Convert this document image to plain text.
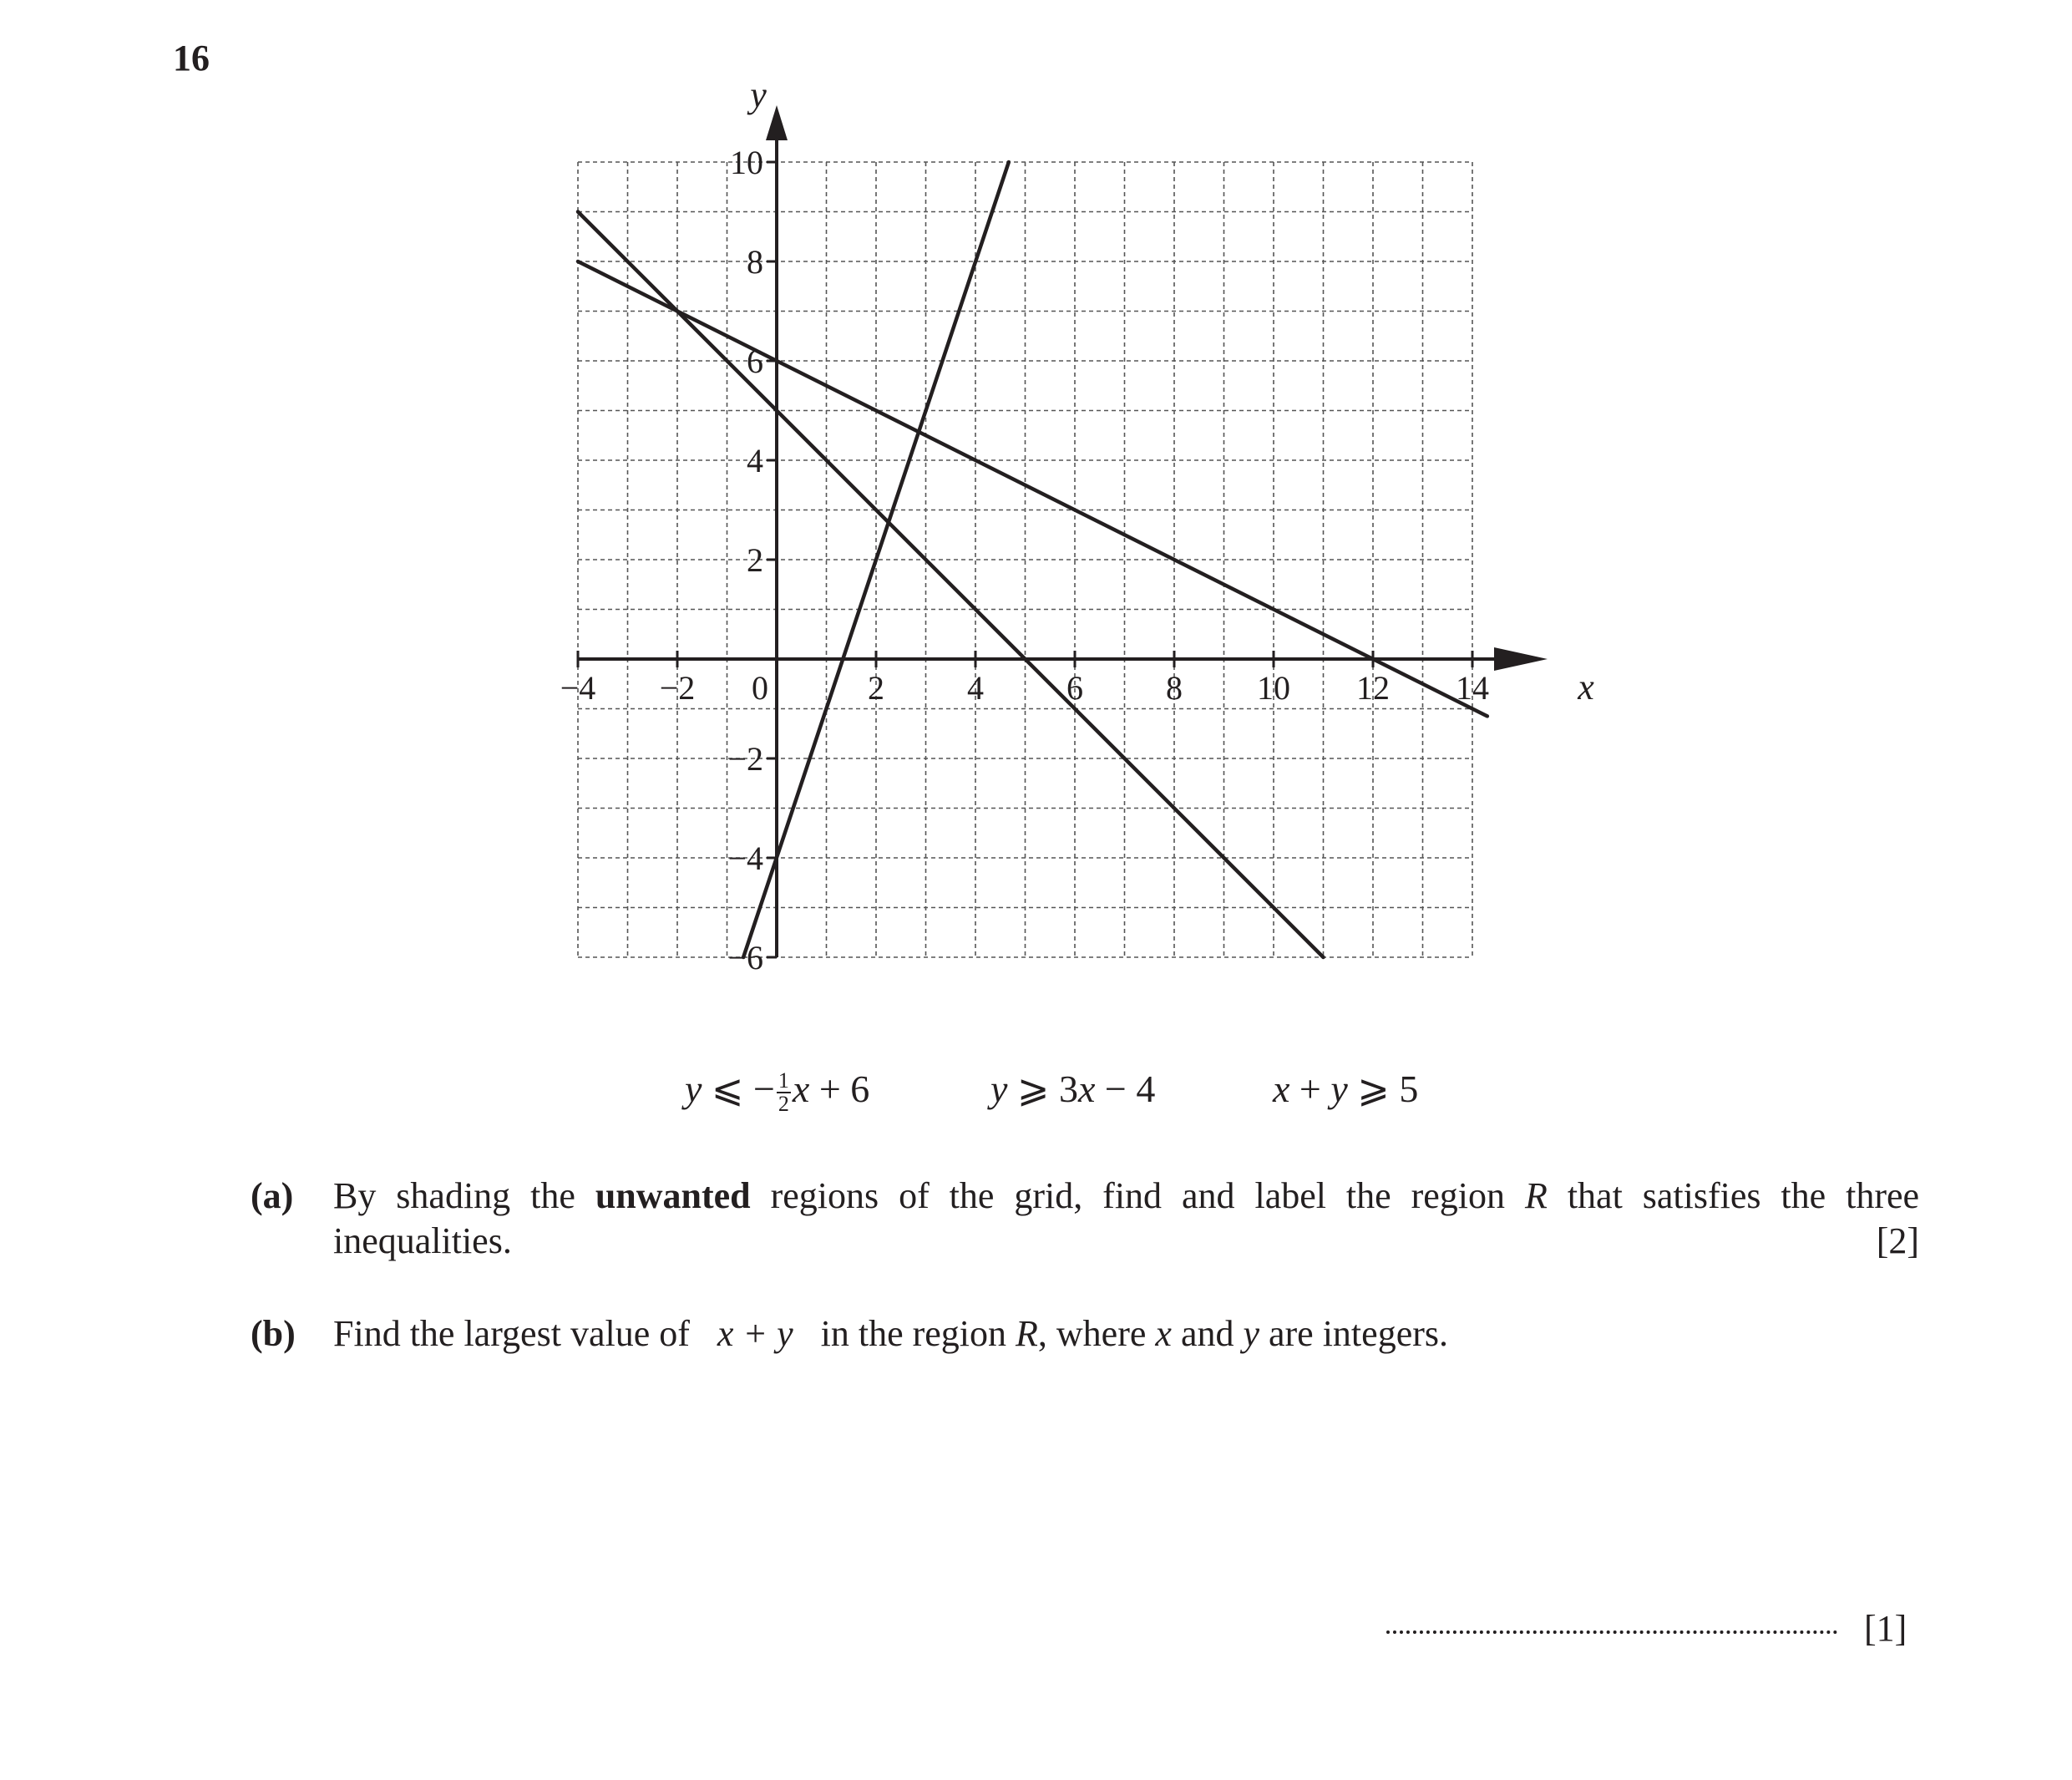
16
−4 −2 0	2 4 6 8 10 12 14
−6
−4
−2
2
4
6
8
10
x
y
y ⩽ − $\frac{1}{2}$ x + 6	y ⩾ 3x − 4	x + y ⩾ 5
(a) By shading the unwanted regions of the grid, find and label the region R that satisfies the three
inequalities.	[2]
(b) Find the largest value of x + y in the region R, where x and y are integers.
[1]
